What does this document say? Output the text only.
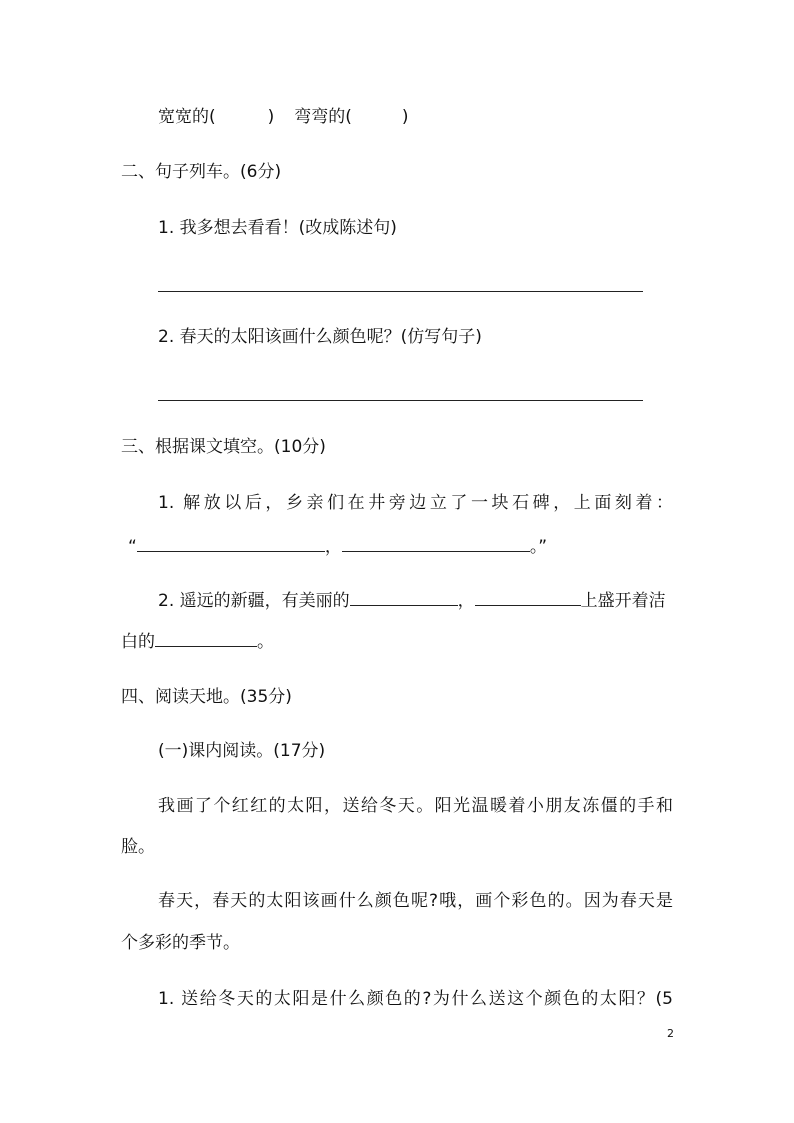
宽宽的(	) 弯弯的(	)
二、句子列车。(6分)
1. 我多想去看看！(改成陈述句)
2. 春天的太阳该画什么颜色呢？(仿写句子)
三、根据课文填空。(10分)
1. 解放以后，乡亲们在井旁边立了一块石碑，上面刻着：
“	，	。”
2. 遥远的新疆，有美丽的	，	上盛开着洁
白的	。
四、阅读天地。(35分)
(一)课内阅读。(17分)
我画了个红红的太阳，送给冬天。阳光温暖着小朋友冻僵的手和
脸。
春天，春天的太阳该画什么颜色呢?哦，画个彩色的。因为春天是
个多彩的季节。
1. 送给冬天的太阳是什么颜色的?为什么送这个颜色的太阳？(5
2
